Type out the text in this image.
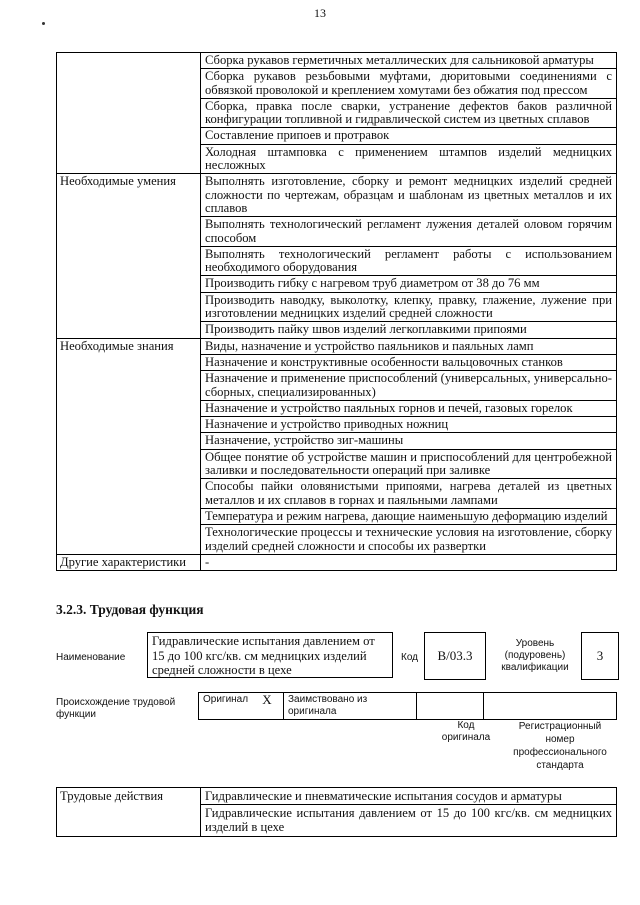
13
	Сборка рукавов герметичных металлических для сальниковой арматуры
	Сборка рукавов резьбовыми муфтами, дюритовыми соединениями с обвязкой проволокой и креплением хомутами без обжатия под прессом
	Сборка, правка после сварки, устранение дефектов баков различной конфигурации топливной и гидравлической систем из цветных сплавов
	Составление припоев и протравок
	Холодная штамповка с применением штампов изделий медницких несложных
Необходимые умения	Выполнять изготовление, сборку и ремонт медницких изделий средней сложности по чертежам, образцам и шаблонам из цветных металлов и их сплавов
	Выполнять технологический регламент лужения деталей оловом горячим способом
	Выполнять технологический регламент работы с использованием необходимого оборудования
	Производить гибку с нагревом труб диаметром от 38 до 76 мм
	Производить наводку, выколотку, клепку, правку, глажение, лужение при изготовлении медницких изделий средней сложности
	Производить пайку швов изделий легкоплавкими припоями
Необходимые знания	Виды, назначение и устройство паяльников и паяльных ламп
	Назначение и конструктивные особенности вальцовочных станков
	Назначение и применение приспособлений (универсальных, универсально-сборных, специализированных)
	Назначение и устройство паяльных горнов и печей, газовых горелок
	Назначение и устройство приводных ножниц
	Назначение, устройство зиг-машины
	Общее понятие об устройстве машин и приспособлений для центробежной заливки и последовательности операций при заливке
	Способы пайки оловянистыми припоями, нагрева деталей из цветных металлов и их сплавов в горнах и паяльными лампами
	Температура и режим нагрева, дающие наименьшую деформацию изделий
	Технологические процессы и технические условия на изготовление, сборку изделий средней сложности и способы их развертки
Другие характеристики	-
3.2.3. Трудовая функция
Наименование
Гидравлические испытания давлением от 15 до 100 кгс/кв. см медницких изделий средней сложности в цехе
Код	В/03.3
Уровень (подуровень) квалификации
3
Происхождение трудовой функции
Оригинал	X	Заимствовано из оригинала		
Код оригинала
Регистрационный номер профессионального стандарта
Трудовые действия	Гидравлические и пневматические испытания сосудов и арматуры
Гидравлические испытания давлением от 15 до 100 кгс/кв. см медницких изделий в цехе
